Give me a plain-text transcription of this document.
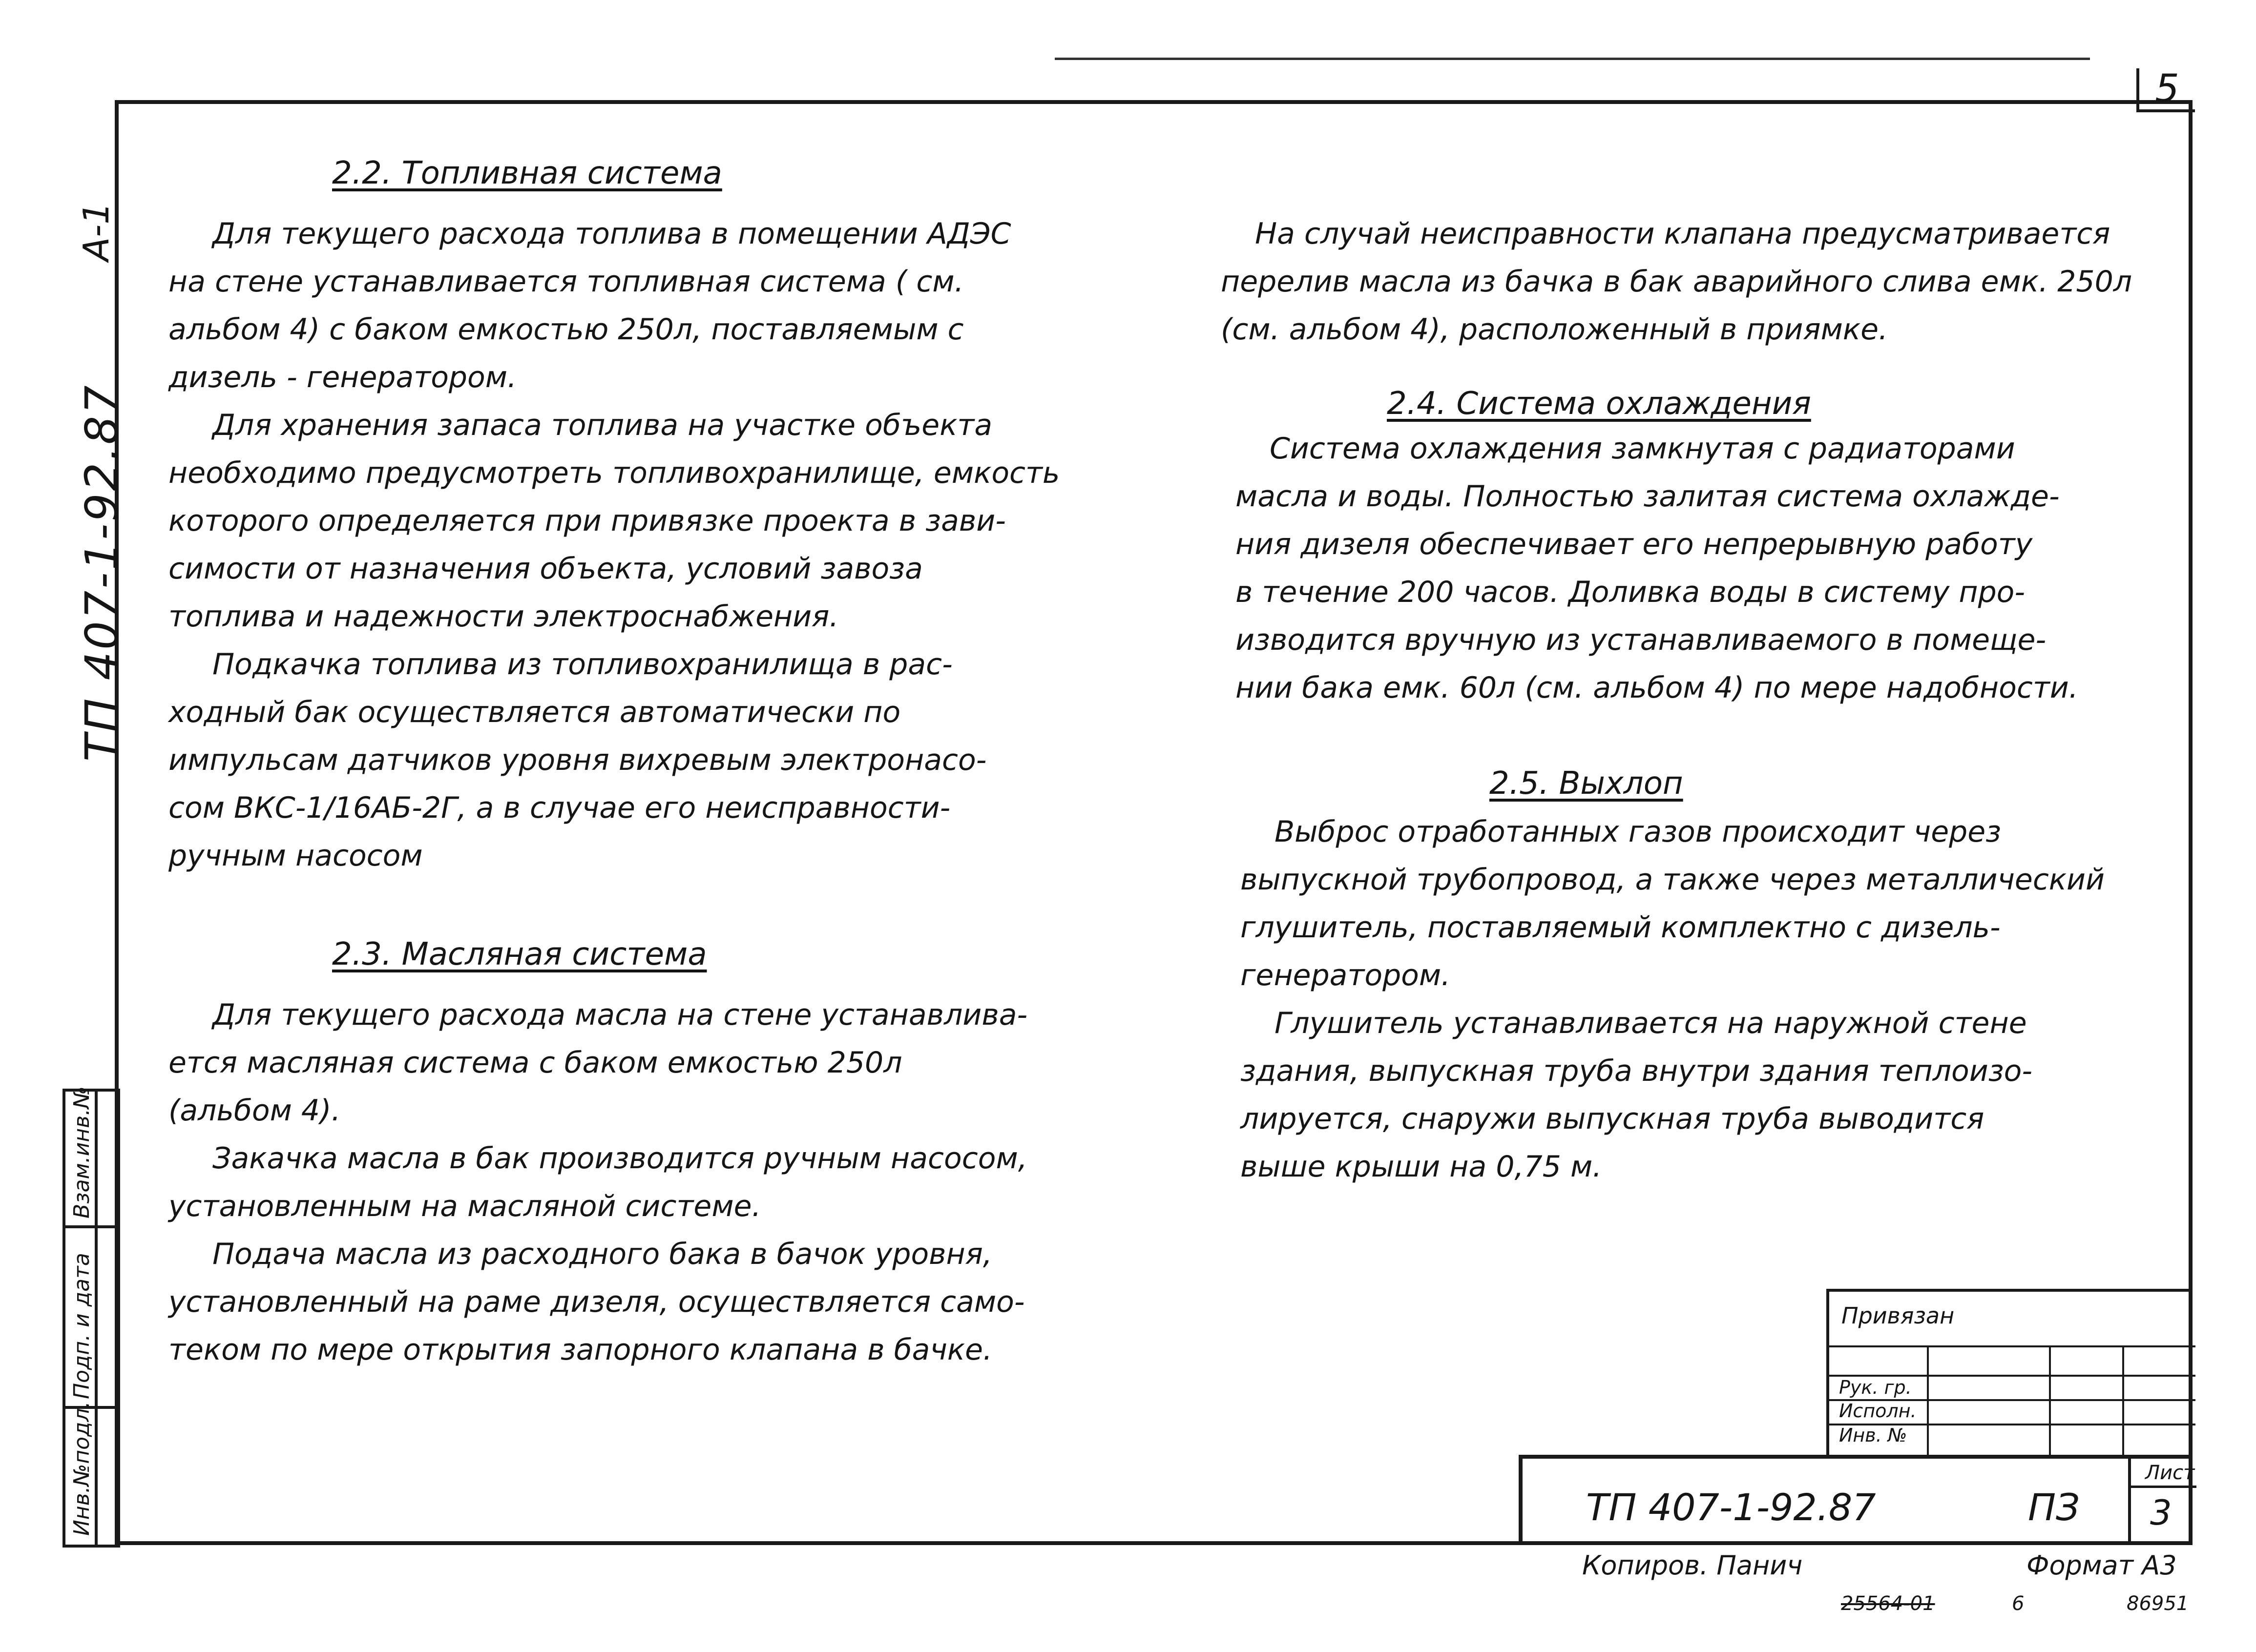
5
А-1
ТП 407-1-92.87
Взам.инв.№
Подп. и дата
Инв.№подл.
2.2. Топливная система

Для текущего расхода топлива в помещении АДЭС

на стене устанавливается топливная система ( см.

альбом 4) с баком емкостью 250л, поставляемым с

дизель - генератором.

Для хранения запаса топлива на участке объекта

необходимо предусмотреть топливохранилище, емкость

которого определяется при привязке проекта в зави-

симости от назначения объекта, условий завоза

топлива и надежности электроснабжения.

Подкачка топлива из топливохранилища в рас-

ходный бак осуществляется автоматически по

импульсам датчиков уровня вихревым электронасо-

сом ВКС-1/16АБ-2Г, а в случае его неисправности-

ручным насосом

2.3. Масляная система

Для текущего расхода масла на стене устанавлива-

ется масляная система с баком емкостью 250л

(альбом 4).

Закачка масла в бак производится ручным насосом,

установленным на масляной системе.

Подача масла из расходного бака в бачок уровня,

установленный на раме дизеля, осуществляется само-

теком по мере открытия запорного клапана в бачке.

На случай неисправности клапана предусматривается

перелив масла из бачка в бак аварийного слива емк. 250л

(см. альбом 4), расположенный в приямке.

2.4. Система охлаждения

Система охлаждения замкнутая с радиаторами

масла и воды. Полностью залитая система охлажде-

ния дизеля обеспечивает его непрерывную работу

в течение 200 часов. Доливка воды в систему про-

изводится вручную из устанавливаемого в помеще-

нии бака емк. 60л (см. альбом 4) по мере надобности.

2.5. Выхлоп

Выброс отработанных газов происходит через

выпускной трубопровод, а также через металлический

глушитель, поставляемый комплектно с дизель-

генератором.

Глушитель устанавливается на наружной стене

здания, выпускная труба внутри здания теплоизо-

лируется, снаружи выпускная труба выводится

выше крыши на 0,75 м.

Привязан
Рук. гр.
Исполн.
Инв. №
ТП 407-1-92.87	ПЗ
Лист
3
Копиров. Панич	Формат А3
25564-01	6	86951
